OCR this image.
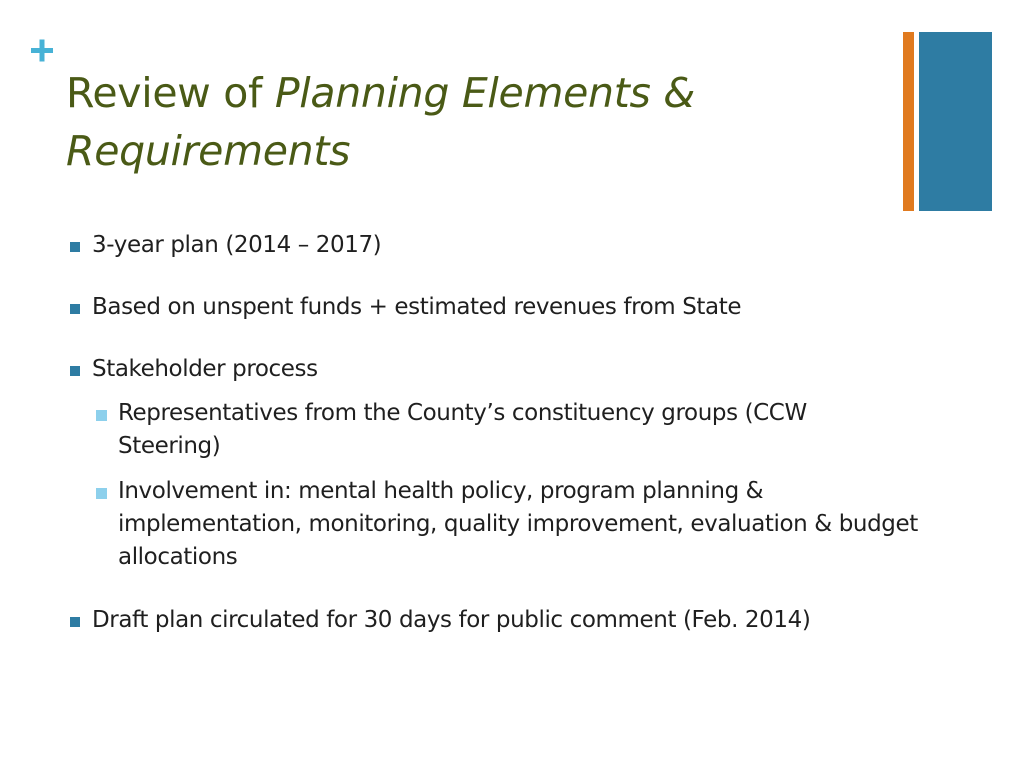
Review of Planning Elements & Requirements
3-year plan (2014 – 2017)
Based on unspent funds + estimated revenues from State
Stakeholder process
Representatives from the County’s constituency groups (CCW Steering)
Involvement in: mental health policy, program planning & implementation, monitoring, quality improvement, evaluation & budget allocations
Draft plan circulated for 30 days for public comment (Feb. 2014)
